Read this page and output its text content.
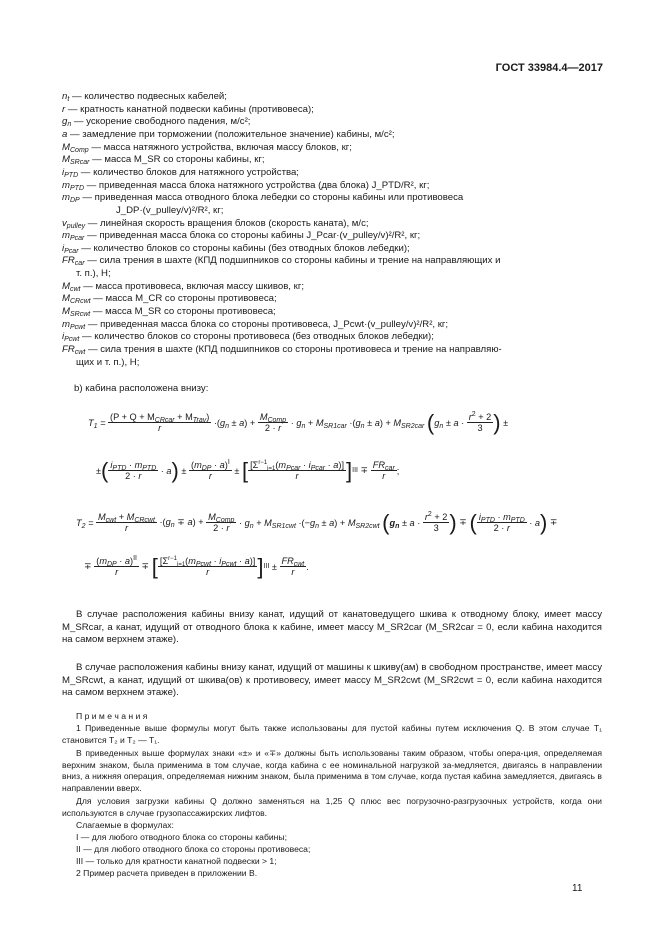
ГОСТ 33984.4—2017
$n_t$ — количество подвесных кабелей;
r — кратность канатной подвески кабины (противовеса);
$g_n$ — ускорение свободного падения, м/с²;
a — замедление при торможении (положительное значение) кабины, м/с²;
$M_{Comp}$ — масса натяжного устройства, включая массу блоков, кг;
$M_{SRcar}$ — масса M_SR со стороны кабины, кг;
$i_{PTD}$ — количество блоков для натяжного устройства;
$m_{PTD}$ — приведенная масса блока натяжного устройства (два блока) J_PTD/R², кг;
$m_{DP}$ — приведенная масса отводного блока лебедки со стороны кабины или противовеса
J_DP·(v_pulley/v)²/R², кг;
$v_{pulley}$ — линейная скорость вращения блоков (скорость каната), м/с;
$m_{Pcar}$ — приведенная масса блока со стороны кабины J_Pcar·(v_pulley/v)²/R², кг;
$i_{Pcar}$ — количество блоков со стороны кабины (без отводных блоков лебедки);
$FR_{car}$ — сила трения в шахте (КПД подшипников со стороны кабины и трение на направляющих и
т. п.), Н;
$M_{cwt}$ — масса противовеса, включая массу шкивов, кг;
$M_{CRcwt}$ — масса M_CR со стороны противовеса;
$M_{SRcwt}$ — масса M_SR со стороны противовеса;
$m_{Pcwt}$ — приведенная масса блока со стороны противовеса, J_Pcwt·(v_pulley/v)²/R², кг;
$i_{Pcwt}$ — количество блоков со стороны противовеса (без отводных блоков лебедки);
$FR_{cwt}$ — сила трения в шахте (КПД подшипников со стороны противовеса и трение на направляю-
щих и т. п.), Н;
b) кабина расположена внизу:
$T_1 = \frac{(P + Q + M_{CRcar} + M_{Trav})}{r} \cdot(g_n \pm a) + \frac{M_{Comp}}{2 \cdot r} \cdot g_n + M_{SR1car} \cdot(g_n \pm a) + M_{SR2car}$ ( $g_n \pm a \cdot \frac{r^2 + 2}{3}$ ) ±
± ( $\frac{i_{PTD} \cdot m_{PTD}}{2 \cdot r} \cdot a$ ) ± $\frac{(m_{DP} \cdot a)^I}{r}$ ± [ $\frac{[\Sigma^{r-1}_{i=1}(m_{Pcar} \cdot i_{Pcar} \cdot a)]}{r}$ ] III ∓ $\frac{FR_{car}}{r}$ ;
$T_2 = \frac{M_{cwt} + M_{CRcwt}}{r} \cdot(g_n \mp a) + \frac{M_{Comp}}{2 \cdot r} \cdot g_n + M_{SR1cwt} \cdot(-g_n \pm a) + M_{SR2cwt}$ ( $g_n \pm a \cdot \frac{r^2 + 2}{3}$ ) ∓ ( $\frac{i_{PTD} \cdot m_{PTD}}{2 \cdot r} \cdot a$ ) ∓
∓ $\frac{(m_{DP} \cdot a)^{II}}{r}$ ∓ [ $\frac{[\Sigma^{r-1}_{i=1}(m_{Pcwt} \cdot i_{Pcwt} \cdot a)]}{r}$ ] III ± $\frac{FR_{cwt}}{r}$ .
В случае расположения кабины внизу канат, идущий от канатоведущего шкива к отводному блоку, имеет массу M_SRcar, а канат, идущий от отводного блока к кабине, имеет массу M_SR2car (M_SR2car = 0, если кабина находится на самом верхнем этаже).
В случае расположения кабины внизу канат, идущий от машины к шкиву(ам) в свободном пространстве, имеет массу M_SRcwt, а канат, идущий от шкива(ов) к противовесу, имеет массу M_SR2cwt (M_SR2cwt = 0, если кабина находится на самом верхнем этаже).
П р и м е ч а н и я
1 Приведенные выше формулы могут быть также использованы для пустой кабины путем исключения Q. В этом случае T₁ становится T₂ и T₂ — T₁.
В приведенных выше формулах знаки «±» и «∓» должны быть использованы таким образом, чтобы опера-ция, определяемая верхним знаком, была применима в том случае, когда кабина с ее номинальной нагрузкой за-медляется, двигаясь в направлении вниз, а нижняя операция, определяемая нижним знаком, была применима в том случае, когда пустая кабина замедляется, двигаясь в направлении вверх.
Для условия загрузки кабины Q должно заменяться на 1,25 Q плюс вес погрузочно-разгрузочных устройств, когда они используются в случае грузопассажирских лифтов.
Слагаемые в формулах:
I — для любого отводного блока со стороны кабины;
II — для любого отводного блока со стороны противовеса;
III — только для кратности канатной подвески > 1;
2 Пример расчета приведен в приложении В.
11
